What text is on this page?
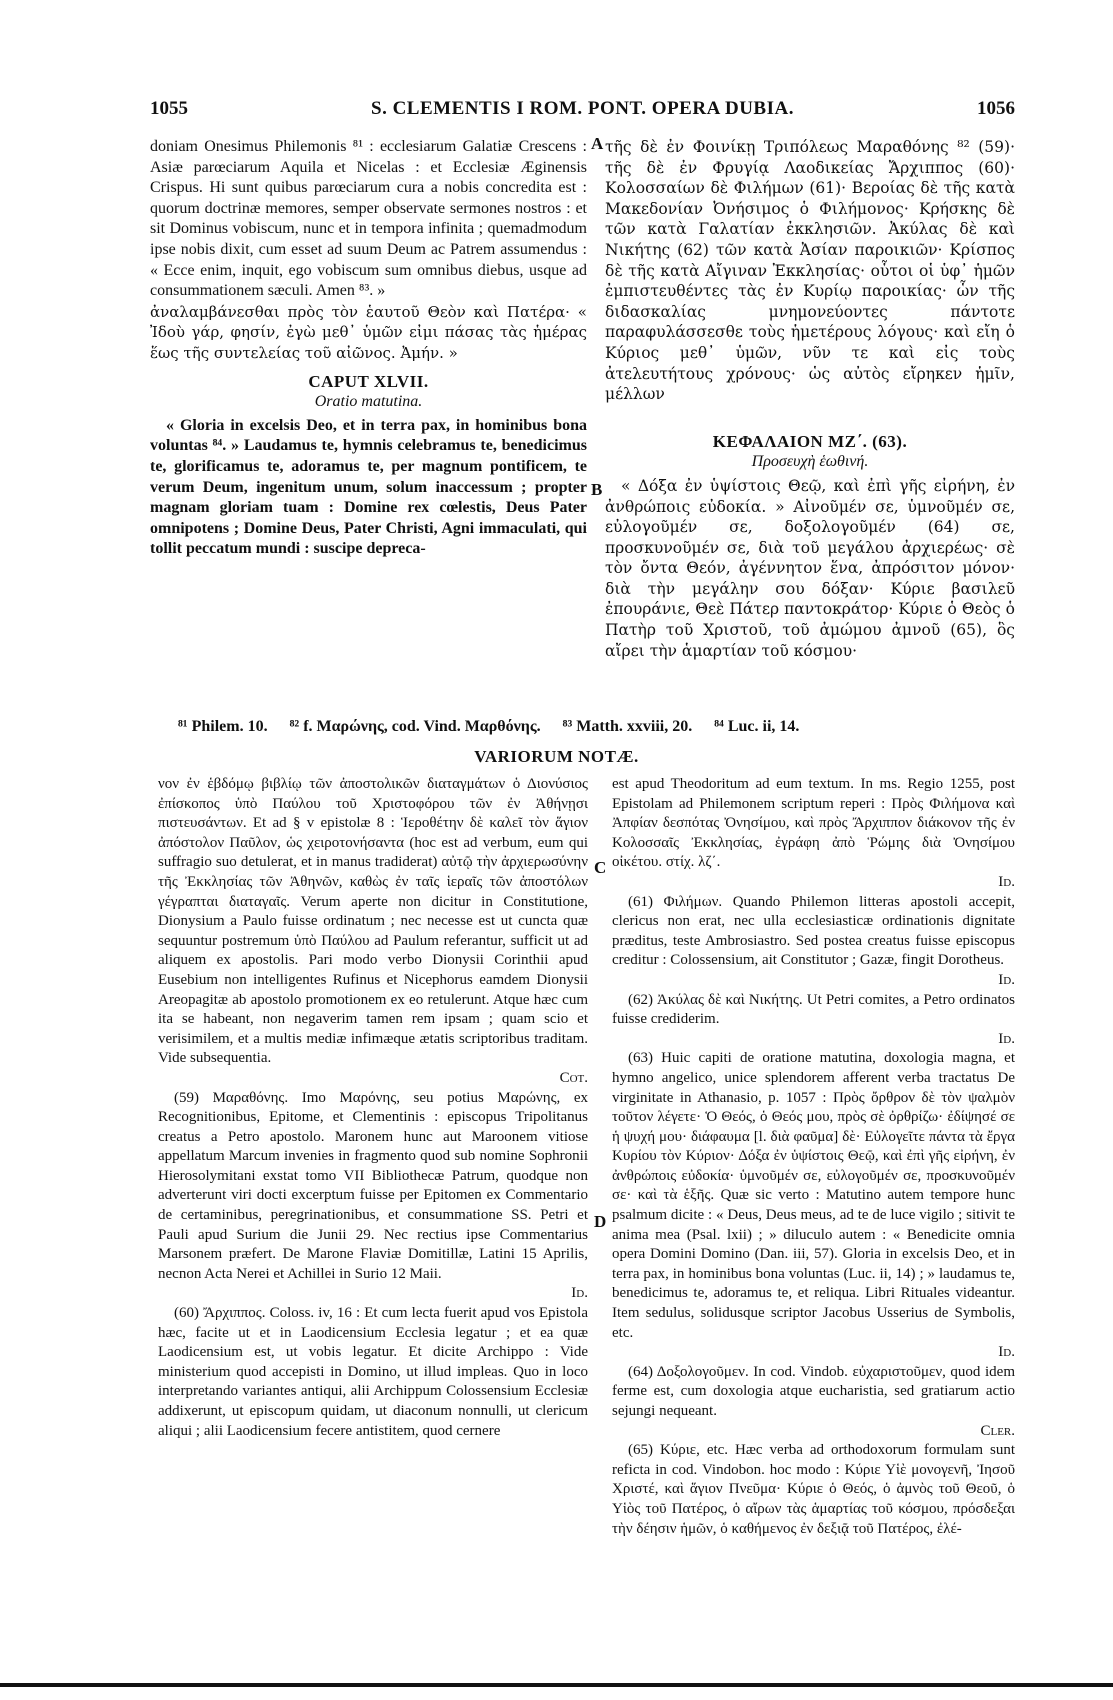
1055	S. CLEMENTIS I ROM. PONT. OPERA DUBIA.	1056

doniam Onesimus Philemonis ⁸¹ : ecclesiarum Galatiæ Crescens : Asiæ parœciarum Aquila et Nicelas : et Ecclesiæ Æginensis Crispus. Hi sunt quibus parœciarum cura a nobis concredita est : quorum doctrinæ memores, semper observate sermones nostros : et sit Dominus vobiscum, nunc et in tempora infinita ; quemadmodum ipse nobis dixit, cum esset ad suum Deum ac Patrem assumendus : « Ecce enim, inquit, ego vobiscum sum omnibus diebus, usque ad consummationem sæculi. Amen ⁸³. »

ἀναλαμβάνεσθαι πρὸς τὸν ἑαυτοῦ Θεὸν καὶ Πατέρα· « Ἰδοὺ γάρ, φησίν, ἐγὼ μεθ᾿ ὑμῶν εἰμι πάσας τὰς ἡμέρας ἕως τῆς συντελείας τοῦ αἰῶνος. Ἀμήν. »

CAPUT XLVII.
Oratio matutina.

« Gloria in excelsis Deo, et in terra pax, in hominibus bona voluntas ⁸⁴. » Laudamus te, hymnis celebramus te, benedicimus te, glorificamus te, adoramus te, per magnum pontificem, te verum Deum, ingenitum unum, solum inaccessum ; propter magnam gloriam tuam : Domine rex cœlestis, Deus Pater omnipotens ; Domine Deus, Pater Christi, Agni immaculati, qui tollit peccatum mundi : suscipe depreca-

A
B
C
D

τῆς δὲ ἐν Φοινίκῃ Τριπόλεως Μαραθόνης ⁸² (59)· τῆς δὲ ἐν Φρυγίᾳ Λαοδικείας Ἄρχιππος (60)· Κολοσσαίων δὲ Φιλήμων (61)· Βεροίας δὲ τῆς κατὰ Μακεδονίαν Ὀνήσιμος ὁ Φιλήμονος· Κρήσκης δὲ τῶν κατὰ Γαλατίαν ἐκκλησιῶν. Ἀκύλας δὲ καὶ Νικήτης (62) τῶν κατὰ Ἀσίαν παροικιῶν· Κρίσπος δὲ τῆς κατὰ Αἴγιναν Ἐκκλησίας· οὗτοι οἱ ὑφ᾿ ἡμῶν ἐμπιστευθέντες τὰς ἐν Κυρίῳ παροικίας· ὧν τῆς διδασκαλίας μνημονεύοντες πάντοτε παραφυλάσσεσθε τοὺς ἡμετέρους λόγους· καὶ εἴη ὁ Κύριος μεθ᾿ ὑμῶν, νῦν τε καὶ εἰς τοὺς ἀτελευτήτους χρόνους· ὡς αὐτὸς εἴρηκεν ἡμῖν, μέλλων

ΚΕΦΑΛΑΙΟΝ ΜΖ΄. (63).
Προσευχὴ ἑωθινή.

« Δόξα ἐν ὑψίστοις Θεῷ, καὶ ἐπὶ γῆς εἰρήνη, ἐν ἀνθρώποις εὐδοκία. » Αἰνοῦμέν σε, ὑμνοῦμέν σε, εὐλογοῦμέν σε, δοξολογοῦμέν (64) σε, προσκυνοῦμέν σε, διὰ τοῦ μεγάλου ἀρχιερέως· σὲ τὸν ὄντα Θεόν, ἀγέννητον ἕνα, ἀπρόσιτον μόνον· διὰ τὴν μεγάλην σου δόξαν· Κύριε βασιλεῦ ἐπουράνιε, Θεὲ Πάτερ παντοκράτορ· Κύριε ὁ Θεὸς ὁ Πατὴρ τοῦ Χριστοῦ, τοῦ ἀμώμου ἀμνοῦ (65), ὃς αἴρει τὴν ἁμαρτίαν τοῦ κόσμου·

⁸¹ Philem. 10. ⁸² f. Μαρώνης, cod. Vind. Μαρθόνης. ⁸³ Matth. xxviii, 20. ⁸⁴ Luc. ii, 14.
VARIORUM NOTÆ.

νον ἐν ἑβδόμῳ βιβλίῳ τῶν ἀποστολικῶν διαταγμάτων ὁ Διονύσιος ἐπίσκοπος ὑπὸ Παύλου τοῦ Χριστοφόρου τῶν ἐν Ἀθήνῃσι πιστευσάντων. Et ad § v epistolæ 8 : Ἱεροθέτην δὲ καλεῖ τὸν ἅγιον ἀπόστολον Παῦλον, ὡς χειροτονήσαντα (hoc est ad verbum, eum qui suffragio suo detulerat, et in manus tradiderat) αὐτῷ τὴν ἀρχιερωσύνην τῆς Ἐκκλησίας τῶν Ἀθηνῶν, καθὼς ἐν ταῖς ἱεραῖς τῶν ἀποστόλων γέγραπται διαταγαῖς. Verum aperte non dicitur in Constitutione, Dionysium a Paulo fuisse ordinatum ; nec necesse est ut cuncta quæ sequuntur postremum ὑπὸ Παύλου ad Paulum referantur, sufficit ut ad aliquem ex apostolis. Pari modo verbo Dionysii Corinthii apud Eusebium non intelligentes Rufinus et Nicephorus eamdem Dionysii Areopagitæ ab apostolo promotionem ex eo retulerunt. Atque hæc cum ita se habeant, non negaverim tamen rem ipsam ; quam scio et verisimilem, et a multis mediæ infimæque ætatis scriptoribus traditam. Vide subsequentia.

Cot.

(59) Μαραθόνης. Imo Μαρόνης, seu potius Μαρώνης, ex Recognitionibus, Epitome, et Clementinis : episcopus Tripolitanus creatus a Petro apostolo. Maronem hunc aut Maroonem vitiose appellatum Marcum invenies in fragmento quod sub nomine Sophronii Hierosolymitani exstat tomo VII Bibliothecæ Patrum, quodque non adverterunt viri docti excerptum fuisse per Epitomen ex Commentario de certaminibus, peregrinationibus, et consummatione SS. Petri et Pauli apud Surium die Junii 29. Nec rectius ipse Commentarius Marsonem præfert. De Marone Flaviæ Domitillæ, Latini 15 Aprilis, necnon Acta Nerei et Achillei in Surio 12 Maii.

Id.

(60) Ἄρχιππος. Coloss. iv, 16 : Et cum lecta fuerit apud vos Epistola hæc, facite ut et in Laodicensium Ecclesia legatur ; et ea quæ Laodicensium est, ut vobis legatur. Et dicite Archippo : Vide ministerium quod accepisti in Domino, ut illud impleas. Quo in loco interpretando variantes antiqui, alii Archippum Colossensium Ecclesiæ addixerunt, ut episcopum quidam, ut diaconum nonnulli, ut clericum aliqui ; alii Laodicensium fecere antistitem, quod cernere

est apud Theodoritum ad eum textum. In ms. Regio 1255, post Epistolam ad Philemonem scriptum reperi : Πρὸς Φιλήμονα καὶ Ἀπφίαν δεσπότας Ὀνησίμου, καὶ πρὸς Ἄρχιππον διάκονον τῆς ἐν Κολοσσαῖς Ἐκκλησίας, ἐγράφη ἀπὸ Ῥώμης διὰ Ὀνησίμου οἰκέτου. στίχ. λζ΄.

Id.

(61) Φιλήμων. Quando Philemon litteras apostoli accepit, clericus non erat, nec ulla ecclesiasticæ ordinationis dignitate præditus, teste Ambrosiastro. Sed postea creatus fuisse episcopus creditur : Colossensium, ait Constitutor ; Gazæ, fingit Dorotheus.

Id.

(62) Ἀκύλας δὲ καὶ Νικήτης. Ut Petri comites, a Petro ordinatos fuisse crediderim.

Id.

(63) Huic capiti de oratione matutina, doxologia magna, et hymno angelico, unice splendorem afferent verba tractatus De virginitate in Athanasio, p. 1057 : Πρὸς ὄρθρον δὲ τὸν ψαλμὸν τοῦτον λέγετε· Ὁ Θεός, ὁ Θεός μου, πρὸς σὲ ὀρθρίζω· ἐδίψησέ σε ἡ ψυχή μου· διάφαυμα [l. διὰ φαῦμα] δὲ· Εὐλογεῖτε πάντα τὰ ἔργα Κυρίου τὸν Κύριον· Δόξα ἐν ὑψίστοις Θεῷ, καὶ ἐπὶ γῆς εἰρήνη, ἐν ἀνθρώποις εὐδοκία· ὑμνοῦμέν σε, εὐλογοῦμέν σε, προσκυνοῦμέν σε· καὶ τὰ ἑξῆς. Quæ sic verto : Matutino autem tempore hunc psalmum dicite : « Deus, Deus meus, ad te de luce vigilo ; sitivit te anima mea (Psal. lxii) ; » diluculo autem : « Benedicite omnia opera Domini Domino (Dan. iii, 57). Gloria in excelsis Deo, et in terra pax, in hominibus bona voluntas (Luc. ii, 14) ; » laudamus te, benedicimus te, adoramus te, et reliqua. Libri Rituales videantur. Item sedulus, solidusque scriptor Jacobus Usserius de Symbolis, etc.

Id.

(64) Δοξολογοῦμεν. In cod. Vindob. εὐχαριστοῦμεν, quod idem ferme est, cum doxologia atque eucharistia, sed gratiarum actio sejungi nequeant.

Cler.

(65) Κύριε, etc. Hæc verba ad orthodoxorum formulam sunt reficta in cod. Vindobon. hoc modo : Κύριε Υἱὲ μονογενῆ, Ἰησοῦ Χριστέ, καὶ ἅγιον Πνεῦμα· Κύριε ὁ Θεός, ὁ ἀμνὸς τοῦ Θεοῦ, ὁ Υἱὸς τοῦ Πατέρος, ὁ αἴρων τὰς ἁμαρτίας τοῦ κόσμου, πρόσδεξαι τὴν δέησιν ἡμῶν, ὁ καθήμενος ἐν δεξιᾷ τοῦ Πατέρος, ἐλέ-
